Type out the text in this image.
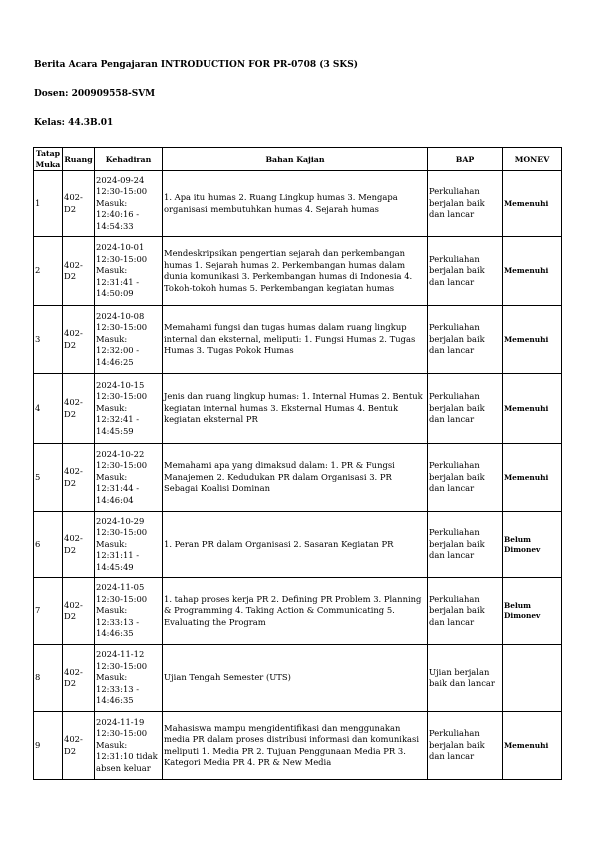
Berita Acara Pengajaran INTRODUCTION FOR PR-0708 (3 SKS)
Dosen: 200909558-SVM
Kelas: 44.3B.01
Tatap Muka	Ruang	Kehadiran	Bahan Kajian	BAP	MONEV
1	402-D2	2024-09-24 12:30-15:00 Masuk: 12:40:16 - 14:54:33	1. Apa itu humas 2. Ruang Lingkup humas 3. Mengapa organisasi membutuhkan humas 4. Sejarah humas	Perkuliahan berjalan baik dan lancar	Memenuhi
2	402-D2	2024-10-01 12:30-15:00 Masuk: 12:31:41 - 14:50:09	Mendeskripsikan pengertian sejarah dan perkembangan humas 1. Sejarah humas 2. Perkembangan humas dalam dunia komunikasi 3. Perkembangan humas di Indonesia 4. Tokoh-tokoh humas 5. Perkembangan kegiatan humas	Perkuliahan berjalan baik dan lancar	Memenuhi
3	402-D2	2024-10-08 12:30-15:00 Masuk: 12:32:00 - 14:46:25	Memahami fungsi dan tugas humas dalam ruang lingkup internal dan eksternal, meliputi: 1. Fungsi Humas 2. Tugas Humas 3. Tugas Pokok Humas	Perkuliahan berjalan baik dan lancar	Memenuhi
4	402-D2	2024-10-15 12:30-15:00 Masuk: 12:32:41 - 14:45:59	Jenis dan ruang lingkup humas: 1. Internal Humas 2. Bentuk kegiatan internal humas 3. Eksternal Humas 4. Bentuk kegiatan eksternal PR	Perkuliahan berjalan baik dan lancar	Memenuhi
5	402-D2	2024-10-22 12:30-15:00 Masuk: 12:31:44 - 14:46:04	Memahami apa yang dimaksud dalam: 1. PR & Fungsi Manajemen 2. Kedudukan PR dalam Organisasi 3. PR Sebagai Koalisi Dominan	Perkuliahan berjalan baik dan lancar	Memenuhi
6	402-D2	2024-10-29 12:30-15:00 Masuk: 12:31:11 - 14:45:49	1. Peran PR dalam Organisasi 2. Sasaran Kegiatan PR	Perkuliahan berjalan baik dan lancar	Belum Dimonev
7	402-D2	2024-11-05 12:30-15:00 Masuk: 12:33:13 - 14:46:35	1. tahap proses kerja PR 2. Defining PR Problem 3. Planning & Programming 4. Taking Action & Communicating 5. Evaluating the Program	Perkuliahan berjalan baik dan lancar	Belum Dimonev
8	402-D2	2024-11-12 12:30-15:00 Masuk: 12:33:13 - 14:46:35	Ujian Tengah Semester (UTS)	Ujian berjalan baik dan lancar	
9	402-D2	2024-11-19 12:30-15:00 Masuk: 12:31:10 tidak absen keluar	Mahasiswa mampu mengidentifikasi dan menggunakan media PR dalam proses distribusi informasi dan komunikasi meliputi 1. Media PR 2. Tujuan Penggunaan Media PR 3. Kategori Media PR 4. PR & New Media	Perkuliahan berjalan baik dan lancar	Memenuhi
